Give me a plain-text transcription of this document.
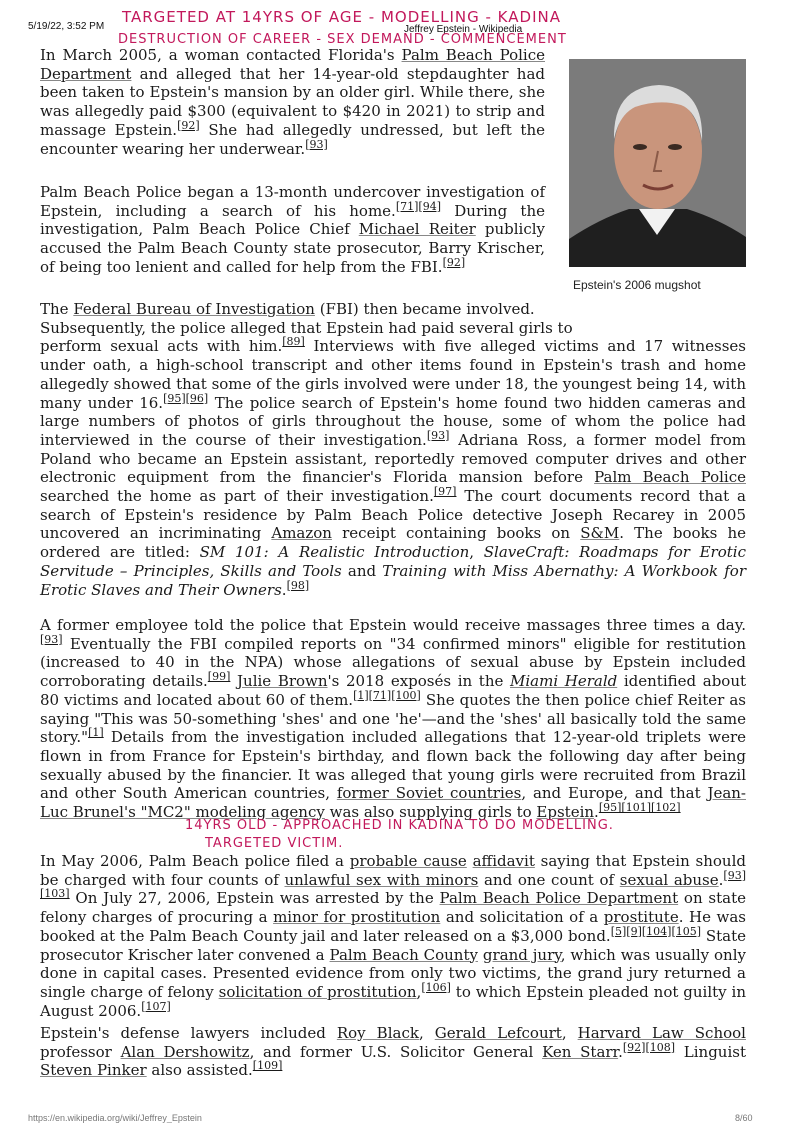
5/19/22, 3:52 PM	Jeffrey Epstein - Wikipedia
TARGETED AT 14YRS OF AGE - MODELLING - KADINA
DESTRUCTION OF CAREER - SEX DEMAND - COMMENCEMENT
Epstein's 2006 mugshot

In March 2005, a woman contacted Florida's Palm Beach Police Department and alleged that her 14-year-old stepdaughter had been taken to Epstein's mansion by an older girl. While there, she was allegedly paid $300 (equivalent to $420 in 2021) to strip and massage Epstein.[92] She had allegedly undressed, but left the encounter wearing her underwear.[93]

Palm Beach Police began a 13-month undercover investigation of Epstein, including a search of his home.[71][94] During the investigation, Palm Beach Police Chief Michael Reiter publicly accused the Palm Beach County state prosecutor, Barry Krischer, of being too lenient and called for help from the FBI.[92]

The Federal Bureau of Investigation (FBI) then became involved.
Subsequently, the police alleged that Epstein had paid several girls to
perform sexual acts with him.[89] Interviews with five alleged victims and 17 witnesses under oath, a high-school transcript and other items found in Epstein's trash and home allegedly showed that some of the girls involved were under 18, the youngest being 14, with many under 16.[95][96] The police search of Epstein's home found two hidden cameras and large numbers of photos of girls throughout the house, some of whom the police had interviewed in the course of their investigation.[93] Adriana Ross, a former model from Poland who became an Epstein assistant, reportedly removed computer drives and other electronic equipment from the financier's Florida mansion before Palm Beach Police searched the home as part of their investigation.[97] The court documents record that a search of Epstein's residence by Palm Beach Police detective Joseph Recarey in 2005 uncovered an incriminating Amazon receipt containing books on S&M. The books he ordered are titled: SM 101: A Realistic Introduction, SlaveCraft: Roadmaps for Erotic Servitude – Principles, Skills and Tools and Training with Miss Abernathy: A Workbook for Erotic Slaves and Their Owners.[98]

A former employee told the police that Epstein would receive massages three times a day.[93] Eventually the FBI compiled reports on "34 confirmed minors" eligible for restitution (increased to 40 in the NPA) whose allegations of sexual abuse by Epstein included corroborating details.[99] Julie Brown's 2018 exposés in the Miami Herald identified about 80 victims and located about 60 of them.[1][71][100] She quotes the then police chief Reiter as saying "This was 50-something 'shes' and one 'he'—and the 'shes' all basically told the same story."[1] Details from the investigation included allegations that 12-year-old triplets were flown in from France for Epstein's birthday, and flown back the following day after being sexually abused by the financier. It was alleged that young girls were recruited from Brazil and other South American countries, former Soviet countries, and Europe, and that Jean-Luc Brunel's "MC2" modeling agency was also supplying girls to Epstein.[95][101][102]

14YRS OLD - APPROACHED IN KADINA TO DO MODELLING.
TARGETED VICTIM.

In May 2006, Palm Beach police filed a probable cause affidavit saying that Epstein should be charged with four counts of unlawful sex with minors and one count of sexual abuse.[93][103] On July 27, 2006, Epstein was arrested by the Palm Beach Police Department on state felony charges of procuring a minor for prostitution and solicitation of a prostitute. He was booked at the Palm Beach County jail and later released on a $3,000 bond.[5][9][104][105] State prosecutor Krischer later convened a Palm Beach County grand jury, which was usually only done in capital cases. Presented evidence from only two victims, the grand jury returned a single charge of felony solicitation of prostitution,[106] to which Epstein pleaded not guilty in August 2006.[107]

Epstein's defense lawyers included Roy Black, Gerald Lefcourt, Harvard Law School professor Alan Dershowitz, and former U.S. Solicitor General Ken Starr.[92][108] Linguist Steven Pinker also assisted.[109]

https://en.wikipedia.org/wiki/Jeffrey_Epstein	8/60
